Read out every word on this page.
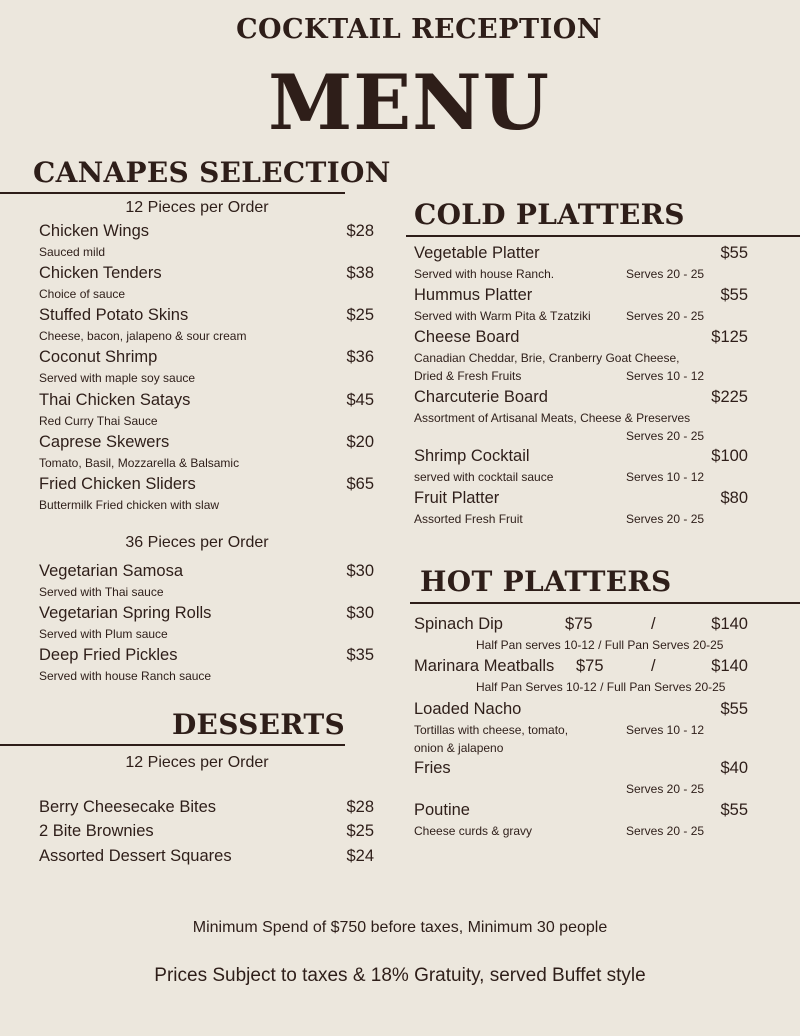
COCKTAIL RECEPTION
MENU
CANAPES SELECTION
12 Pieces per Order
Chicken Wings	$28
Sauced mild
Chicken Tenders	$38
Choice of sauce
Stuffed Potato Skins	$25
Cheese, bacon, jalapeno & sour cream
Coconut Shrimp	$36
Served with maple soy sauce
Thai Chicken Satays	$45
Red Curry Thai Sauce
Caprese Skewers	$20
Tomato, Basil, Mozzarella & Balsamic
Fried Chicken Sliders	$65
Buttermilk Fried chicken with slaw
36 Pieces per Order
Vegetarian Samosa	$30
Served with Thai sauce
Vegetarian Spring Rolls	$30
Served with Plum sauce
Deep Fried Pickles	$35
Served with house Ranch sauce
DESSERTS
12 Pieces per Order
Berry Cheesecake Bites	$28
2 Bite Brownies	$25
Assorted Dessert Squares	$24
COLD PLATTERS
Vegetable Platter	$55
Served with house Ranch.	Serves 20 - 25
Hummus Platter	$55
Served with Warm Pita & Tzatziki	Serves 20 - 25
Cheese Board	$125
Canadian Cheddar, Brie, Cranberry Goat Cheese,
Dried & Fresh Fruits	Serves 10 - 12
Charcuterie Board	$225
Assortment of Artisanal Meats, Cheese & Preserves
Serves 20 - 25
Shrimp Cocktail	$100
served with cocktail sauce	Serves 10 - 12
Fruit Platter	$80
Assorted Fresh Fruit	Serves 20 - 25
HOT PLATTERS
Spinach Dip	$75	/	$140
Half Pan serves 10-12 / Full Pan Serves 20-25
Marinara Meatballs $75	/	$140
Half Pan Serves 10-12 / Full Pan Serves 20-25
Loaded Nacho	$55
Tortillas with cheese, tomato,
onion & jalapeno
Serves 10 - 12
Fries	$40
Serves 20 - 25
Poutine	$55
Cheese curds & gravy	Serves 20 - 25
Minimum Spend of $750 before taxes, Minimum 30 people
Prices Subject to taxes & 18% Gratuity, served Buffet style
